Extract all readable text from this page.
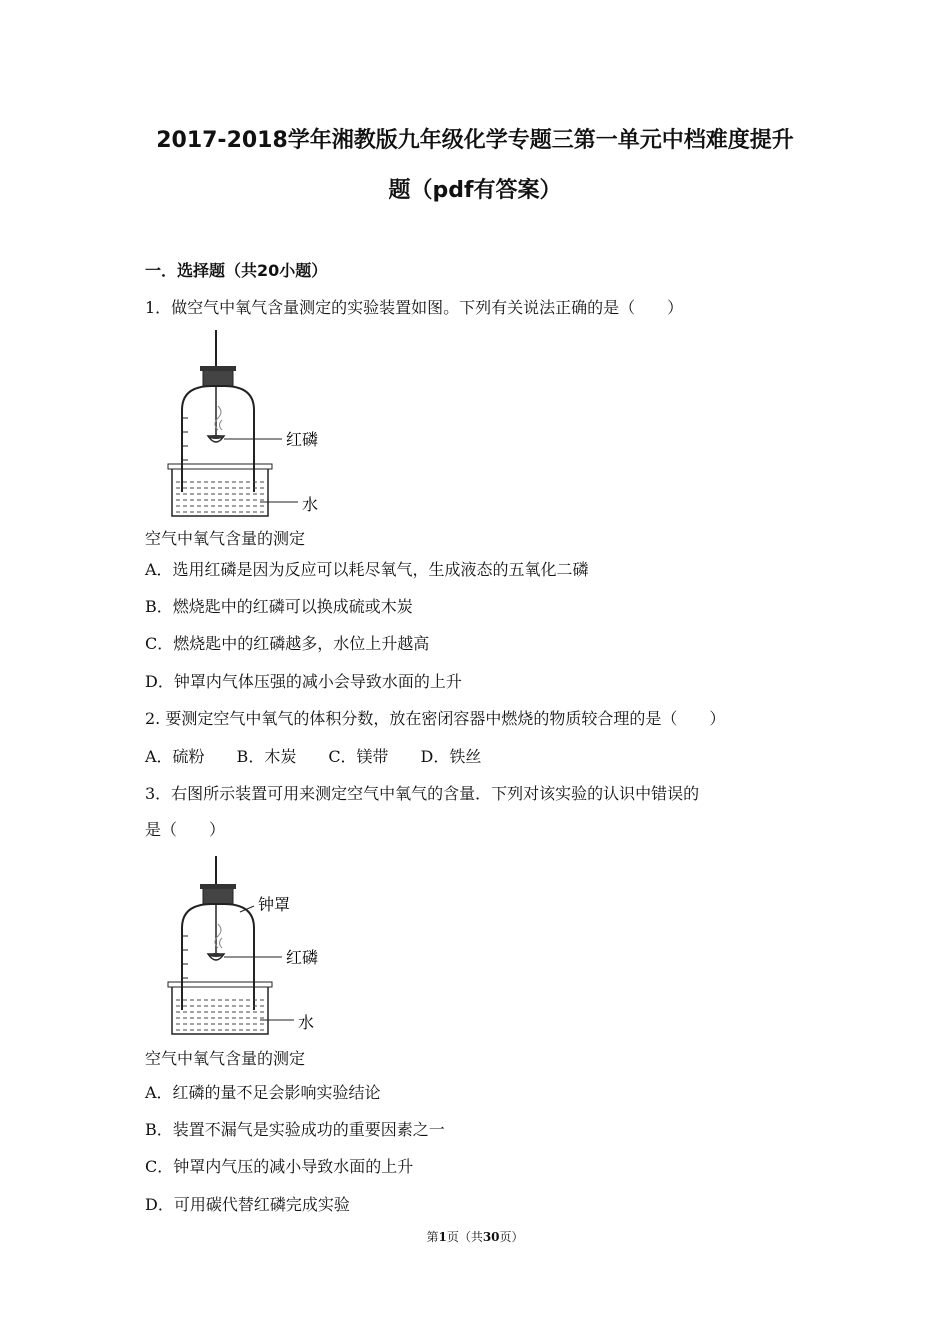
2017-2018学年湘教版九年级化学专题三第一单元中档难度提升
题（pdf有答案）
一．选择题（共20小题）
1．做空气中氧气含量测定的实验装置如图。下列有关说法正确的是（　　）
红磷
水
空气中氧气含量的测定
A．选用红磷是因为反应可以耗尽氧气，生成液态的五氧化二磷
B．燃烧匙中的红磷可以换成硫或木炭
C．燃烧匙中的红磷越多，水位上升越高
D．钟罩内气体压强的减小会导致水面的上升
2. 要测定空气中氧气的体积分数，放在密闭容器中燃烧的物质较合理的是（　　）
A．硫粉　　B．木炭　　C．镁带　　D．铁丝
3．右图所示装置可用来测定空气中氧气的含量．下列对该实验的认识中错误的
是（　　）
钟罩
红磷
水
空气中氧气含量的测定
A．红磷的量不足会影响实验结论
B．装置不漏气是实验成功的重要因素之一
C．钟罩内气压的减小导致水面的上升
D．可用碳代替红磷完成实验
第1页（共30页）
